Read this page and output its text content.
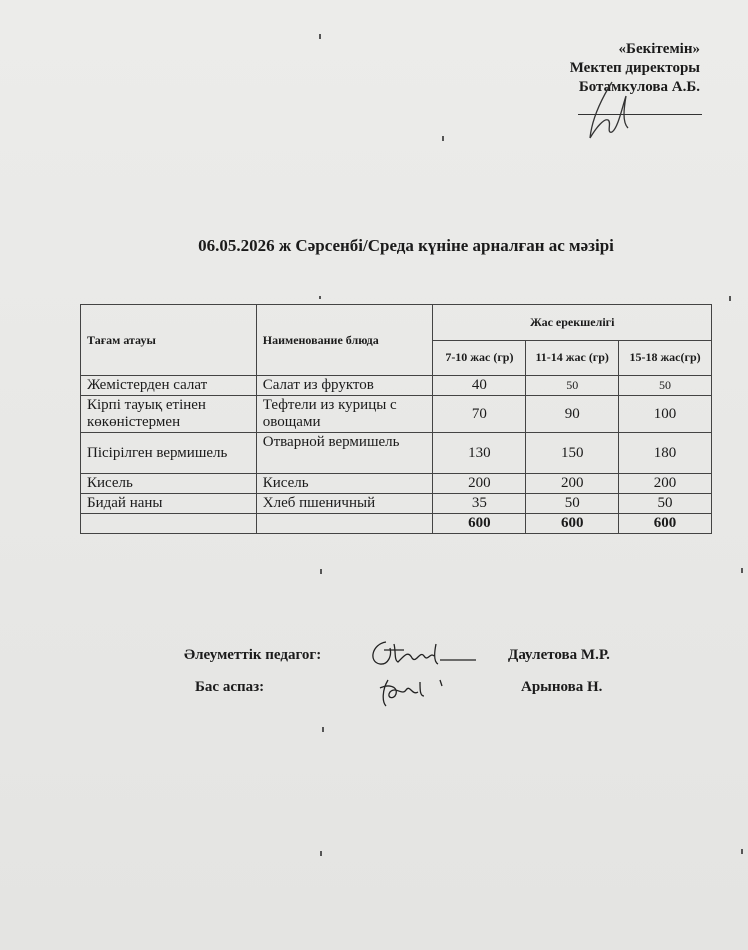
«Бекітемін»
Мектеп директоры
Ботамкулова А.Б.
06.05.2026 ж Сәрсенбі/Среда күніне арналған ас мәзірі
Тағам атауы	Наименование блюда	Жас ерекшелігі		
		7-10 жас (гр)	11-14 жас (гр)	15-18 жас(гр)
Жемістерден салат	Салат из фруктов	40	50	50
Кірпі тауық етінен көкөністермен	Тефтели из курицы с овощами	70	90	100
Пісірілген вермишель	Отварной вермишель	130	150	180
Кисель	Кисель	200	200	200
Бидай наны	Хлеб пшеничный	35	50	50
		600	600	600
Әлеуметтік педагог:	Даулетова М.Р.
Бас аспаз:	Арынова Н.
